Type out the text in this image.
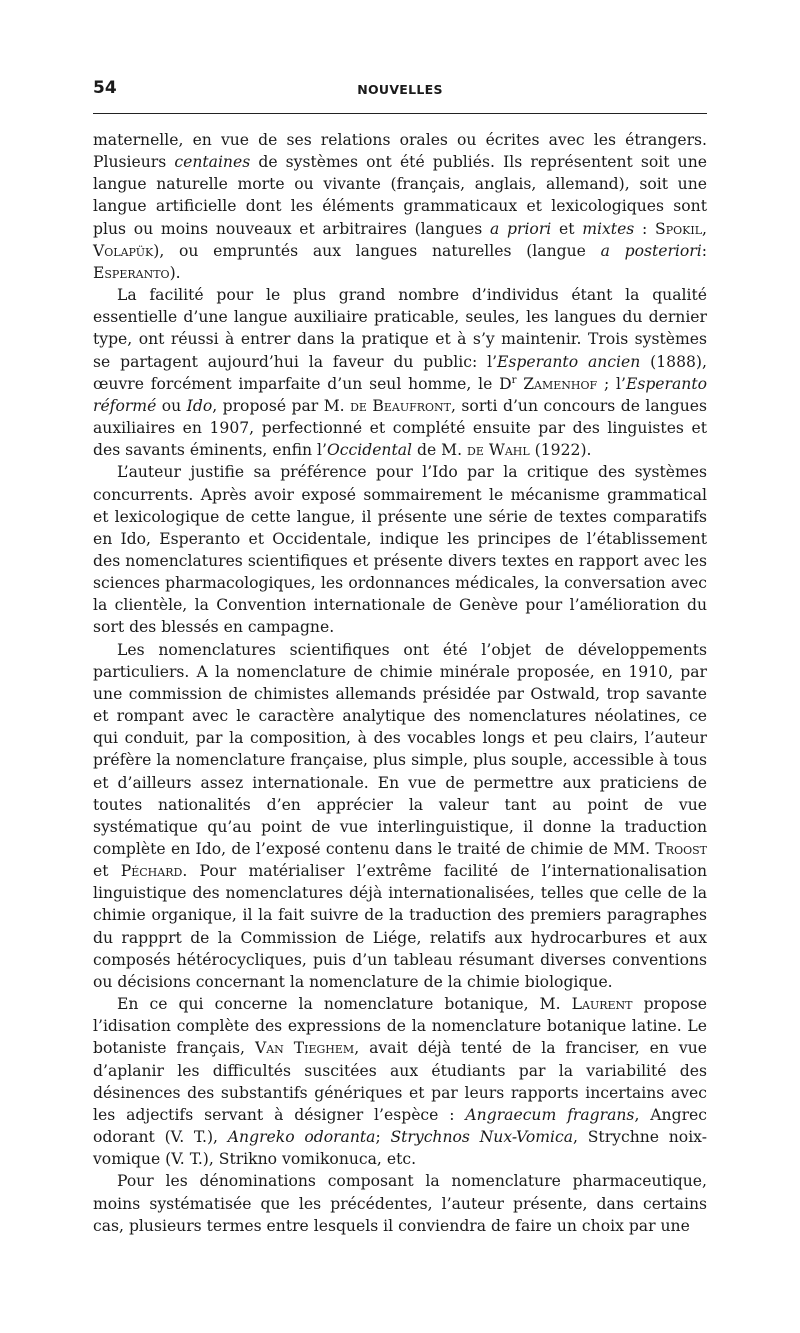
54	NOUVELLES

maternelle, en vue de ses relations orales ou écrites avec les étrangers. Plusieurs centaines de systèmes ont été publiés. Ils représentent soit une langue naturelle morte ou vivante (français, anglais, allemand), soit une langue artificielle dont les éléments grammaticaux et lexicologiques sont plus ou moins nouveaux et arbitraires (langues a priori et mixtes : Spokil, Volapük), ou empruntés aux langues naturelles (langue a posteriori: Esperanto).

La facilité pour le plus grand nombre d’individus étant la qualité essentielle d’une langue auxiliaire praticable, seules, les langues du dernier type, ont réussi à entrer dans la pratique et à s’y maintenir. Trois systèmes se partagent aujourd’hui la faveur du public: l’Esperanto ancien (1888), œuvre forcément imparfaite d’un seul homme, le $D^r$ Zamenhof ; l’Esperanto réformé ou Ido, proposé par M. de Beaufront, sorti d’un concours de langues auxiliaires en 1907, perfectionné et complété ensuite par des linguistes et des savants éminents, enfin l’Occidental de M. de Wahl (1922).

L’auteur justifie sa préférence pour l’Ido par la critique des systèmes concurrents. Après avoir exposé sommairement le mécanisme grammatical et lexicologique de cette langue, il présente une série de textes comparatifs en Ido, Esperanto et Occidentale, indique les principes de l’établissement des nomenclatures scientifiques et présente divers textes en rapport avec les sciences pharmacologiques, les ordonnances médicales, la conversation avec la clientèle, la Convention internationale de Genève pour l’amélioration du sort des blessés en campagne.

Les nomenclatures scientifiques ont été l’objet de développements particuliers. A la nomenclature de chimie minérale proposée, en 1910, par une commission de chimistes allemands présidée par Ostwald, trop savante et rompant avec le caractère analytique des nomenclatures néolatines, ce qui conduit, par la composition, à des vocables longs et peu clairs, l’auteur préfère la nomenclature française, plus simple, plus souple, accessible à tous et d’ailleurs assez internationale. En vue de permettre aux praticiens de toutes nationalités d’en apprécier la valeur tant au point de vue systématique qu’au point de vue interlinguistique, il donne la traduction complète en Ido, de l’exposé contenu dans le traité de chimie de MM. Troost et Péchard. Pour matérialiser l’extrême facilité de l’internationalisation linguistique des nomenclatures déjà internationalisées, telles que celle de la chimie organique, il la fait suivre de la traduction des premiers paragraphes du rappprt de la Commission de Liége, relatifs aux hydrocarbures et aux composés hétérocycliques, puis d’un tableau résumant diverses conventions ou décisions concernant la nomenclature de la chimie biologique.

En ce qui concerne la nomenclature botanique, M. Laurent propose l’idisation complète des expressions de la nomenclature botanique latine. Le botaniste français, Van Tieghem, avait déjà tenté de la franciser, en vue d’aplanir les difficultés suscitées aux étudiants par la variabilité des désinences des substantifs génériques et par leurs rapports incertains avec les adjectifs servant à désigner l’espèce : Angraecum fragrans, Angrec odorant (V. T.), Angreko odoranta; Strychnos Nux-Vomica, Strychne noix-vomique (V. T.), Strikno vomikonuca, etc.

Pour les dénominations composant la nomenclature pharmaceutique, moins systématisée que les précédentes, l’auteur présente, dans certains cas, plusieurs termes entre lesquels il conviendra de faire un choix par une
